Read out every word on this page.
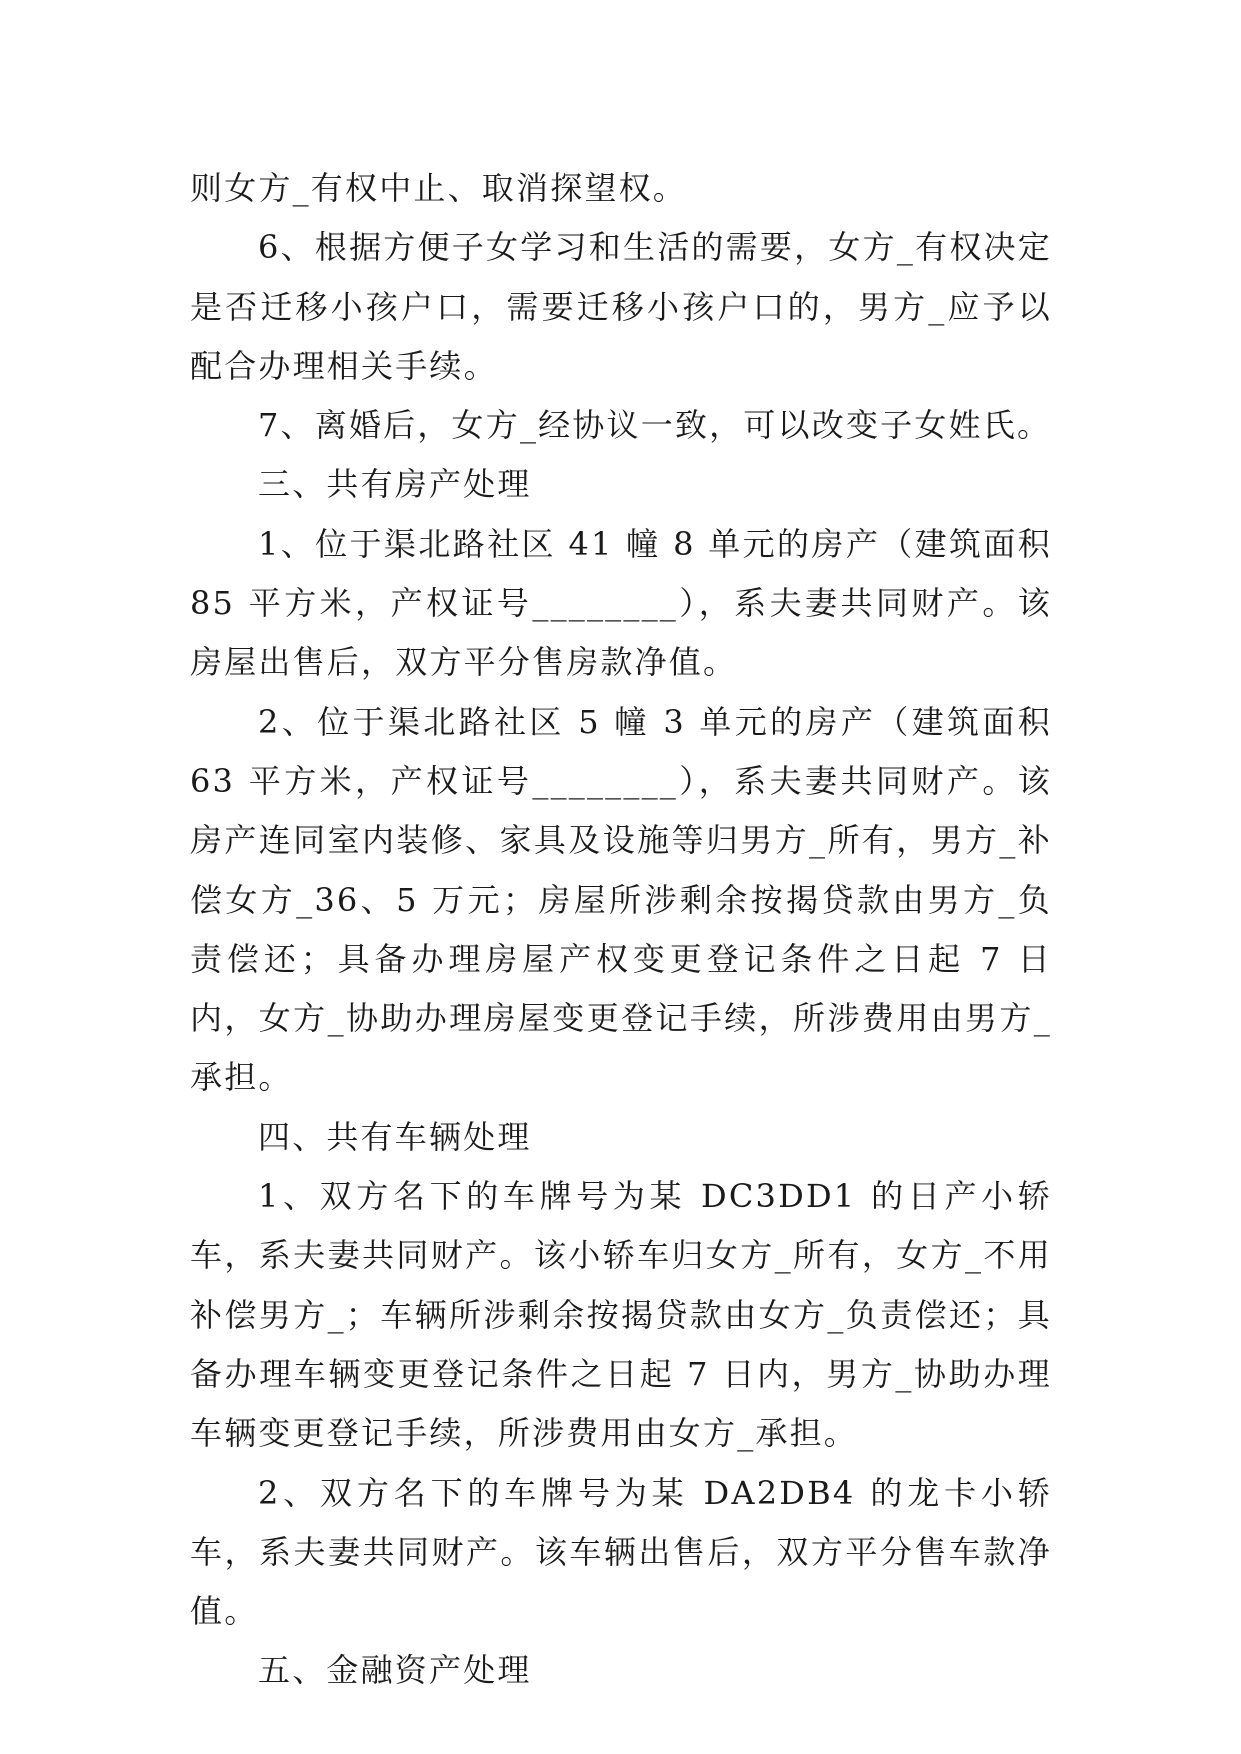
则女方_有权中止、取消探望权。

6、根据方便子女学习和生活的需要，女方_有权决定是否迁移小孩户口，需要迁移小孩户口的，男方_应予以配合办理相关手续。

7、离婚后，女方_经协议一致，可以改变子女姓氏。

三、共有房产处理

1、位于渠北路社区 41 幢 8 单元的房产（建筑面积 85 平方米，产权证号________），系夫妻共同财产。该房屋出售后，双方平分售房款净值。

2、位于渠北路社区 5 幢 3 单元的房产（建筑面积 63 平方米，产权证号________），系夫妻共同财产。该房产连同室内装修、家具及设施等归男方_所有，男方_补偿女方_36、5 万元；房屋所涉剩余按揭贷款由男方_负责偿还；具备办理房屋产权变更登记条件之日起 7 日内，女方_协助办理房屋变更登记手续，所涉费用由男方_承担。

四、共有车辆处理

1、双方名下的车牌号为某 DC3DD1 的日产小轿车，系夫妻共同财产。该小轿车归女方_所有，女方_不用补偿男方_；车辆所涉剩余按揭贷款由女方_负责偿还；具备办理车辆变更登记条件之日起 7 日内，男方_协助办理车辆变更登记手续，所涉费用由女方_承担。

2、双方名下的车牌号为某 DA2DB4 的龙卡小轿车，系夫妻共同财产。该车辆出售后，双方平分售车款净值。

五、金融资产处理
